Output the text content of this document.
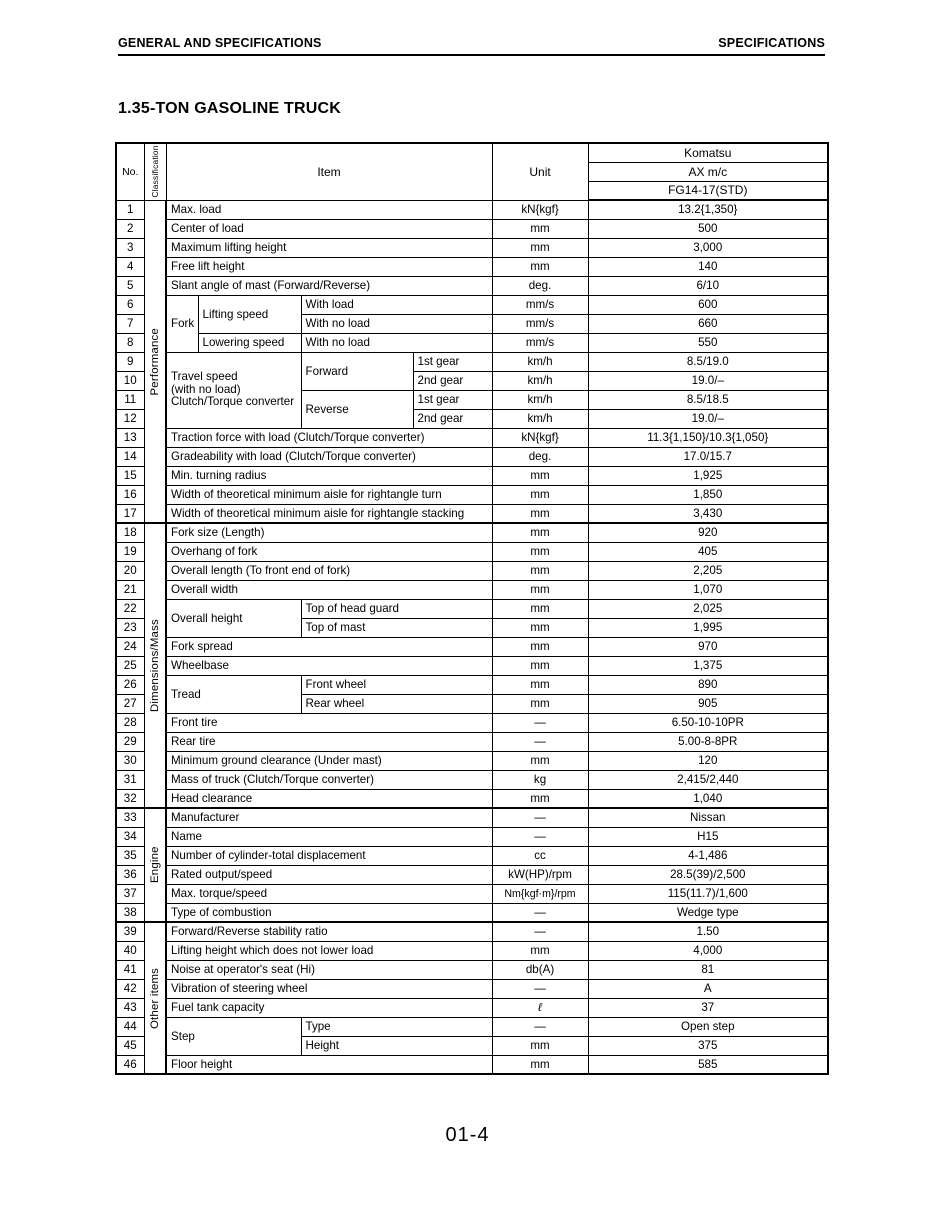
GENERAL AND SPECIFICATIONS	SPECIFICATIONS
1.35-TON GASOLINE TRUCK
No.	Classification	Item				Unit	Komatsu
							AX m/c
							FG14-17(STD)
1	Performance	Max. load				kN{kgf}	13.2{1,350}
2		Center of load				mm	500
3		Maximum lifting height				mm	3,000
4		Free lift height				mm	140
5		Slant angle of mast (Forward/Reverse)				deg.	6/10
6		Fork	Lifting speed	With load		mm/s	600
7				With no load		mm/s	660
8			Lowering speed	With no load		mm/s	550
9		Travel speed
(with no load)
Clutch/Torque converter		Forward	1st gear	km/h	8.5/19.0
10					2nd gear	km/h	19.0/–
11				Reverse	1st gear	km/h	8.5/18.5
12					2nd gear	km/h	19.0/–
13		Traction force with load (Clutch/Torque converter)				kN{kgf}	11.3{1,150}/10.3{1,050}
14		Gradeability with load (Clutch/Torque converter)				deg.	17.0/15.7
15		Min. turning radius				mm	1,925
16		Width of theoretical minimum aisle for rightangle turn				mm	1,850
17		Width of theoretical minimum aisle for rightangle stacking				mm	3,430
18	Dimensions/Mass	Fork size (Length)				mm	920
19		Overhang of fork				mm	405
20		Overall length (To front end of fork)				mm	2,205
21		Overall width				mm	1,070
22		Overall height		Top of head guard		mm	2,025
23				Top of mast		mm	1,995
24		Fork spread				mm	970
25		Wheelbase				mm	1,375
26		Tread		Front wheel		mm	890
27				Rear wheel		mm	905
28		Front tire				—	6.50-10-10PR
29		Rear tire				—	5.00-8-8PR
30		Minimum ground clearance (Under mast)				mm	120
31		Mass of truck (Clutch/Torque converter)				kg	2,415/2,440
32		Head clearance				mm	1,040
33	Engine	Manufacturer				—	Nissan
34		Name				—	H15
35		Number of cylinder-total displacement				cc	4-1,486
36		Rated output/speed				kW(HP)/rpm	28.5(39)/2,500
37		Max. torque/speed				Nm{kgf·m}/rpm	115(11.7)/1,600
38		Type of combustion				—	Wedge type
39	Other items	Forward/Reverse stability ratio				—	1.50
40		Lifting height which does not lower load				mm	4,000
41		Noise at operator's seat (Hi)				db(A)	81
42		Vibration of steering wheel				—	A
43		Fuel tank capacity				ℓ	37
44		Step		Type		—	Open step
45				Height		mm	375
46		Floor height				mm	585
01-4
